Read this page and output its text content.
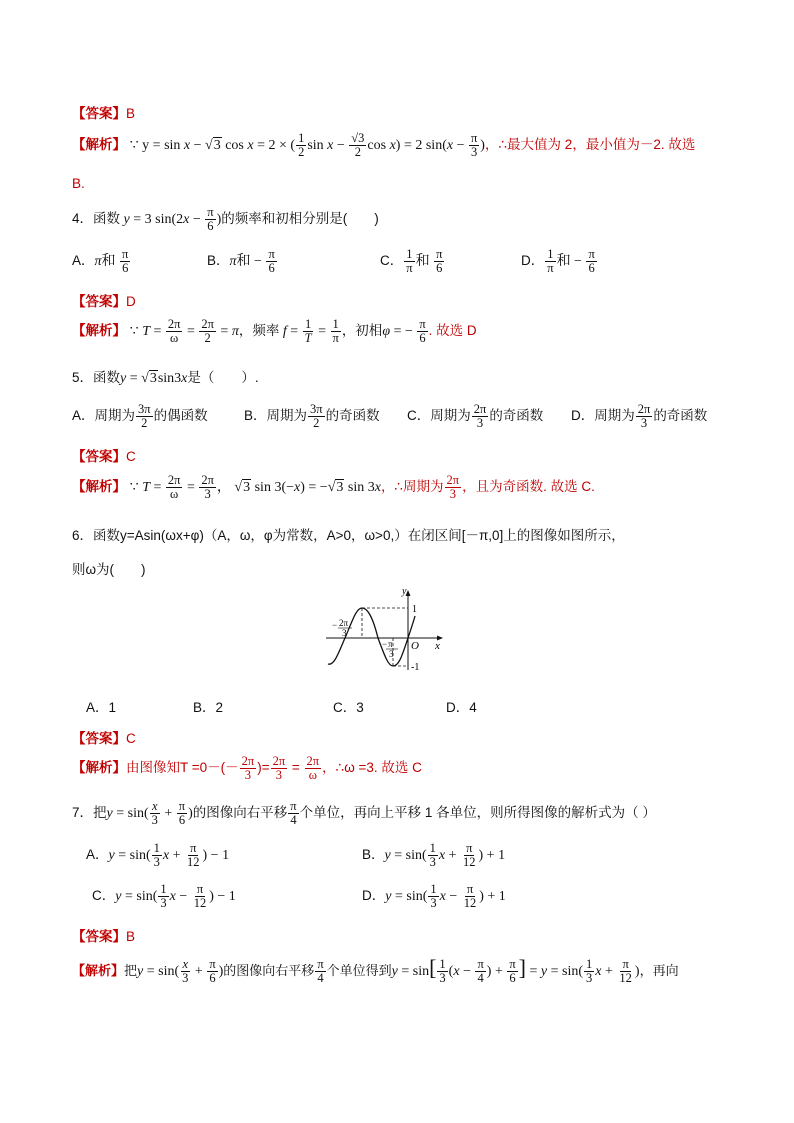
【答案】B
【解析】 ∵ y = sin x − √3 cos x = 2 × ( $\frac{1}{2}$ $\sin x - \frac{√3}{2}$ cos x) = 2 $\sin(x - \frac{\pi}{3}$ )，∴最大值为 2，最小值为－2. 故选
B.
4．函数 y = 3 $\sin(2x - \frac{\pi}{6}$ )的频率和初相分别是(　　)
A．π和 $\frac{\pi}{6}$	B．π和 − $\frac{\pi}{6}$	C． $\frac{1}{\pi}$ 和 $\frac{\pi}{6}$	D． $\frac{1}{\pi}$ 和 − $\frac{\pi}{6}$
【答案】D
【解析】 ∵ $T = \frac{2\pi}{\omega} = \frac{2\pi}{2} = \pi$，频率 $f = \frac{1}{T} = \frac{1}{\pi}$ ，初相φ = − $\frac{\pi}{6}$ . 故选 D
5．函数y = √3sin3x是（　　）.
A．周期为 $\frac{3\pi}{2}$ 的偶函数	B．周期为 $\frac{3\pi}{2}$ 的奇函数 C．周期为 $\frac{2\pi}{3}$ 的奇函数 D．周期为 $\frac{2\pi}{3}$ 的奇函数
【答案】C
【解析】 ∵ $T = \frac{2\pi}{\omega} = \frac{2\pi}{3}$ ， √3 sin 3(−x) = −√3 sin 3x，∴周期为 $\frac{2\pi}{3}$ ，且为奇函数. 故选 C.
6．函数y=Asin(ωx+φ)（A，ω，φ为常数，A>0，ω>0,）在闭区间[－π,0]上的图像如图所示，
则ω为(　　)
y
x
O
1
-1
− 2π
3
− π
3
A．1	B．2	C．3	D．4
【答案】C
【解析】由图像知$T =0-(- \frac{2\pi}{3}$ )= $\frac{2\pi}{3} = \frac{2\pi}{\omega}$ ，∴ω =3. 故选 C
7．把$y = \sin( \frac{x}{3} + \frac{\pi}{6}$ )的图像向右平移 $\frac{\pi}{4}$ 个单位，再向上平移 1 各单位，则所得图像的解析式为（ ）
A．$y = \sin( \frac{1}{3}$ $x + \frac{\pi}{12}$ ) − 1	B．$y = \sin( \frac{1}{3}$ $x + \frac{\pi}{12}$ ) + 1
C．$y = \sin( \frac{1}{3}$ $x - \frac{\pi}{12}$ ) − 1	D．$y = \sin( \frac{1}{3}$ $x - \frac{\pi}{12}$ ) + 1
【答案】B
【解析】把$y = \sin( \frac{x}{3} + \frac{\pi}{6}$ )的图像向右平移 $\frac{\pi}{4}$ 个单位得到$y = \sin[ \frac{1}{3} (x - \frac{\pi}{4}$ ) + $\frac{\pi}{6}$ ] = $y = \sin( \frac{1}{3}$ $x + \frac{\pi}{12}$ )，再向
